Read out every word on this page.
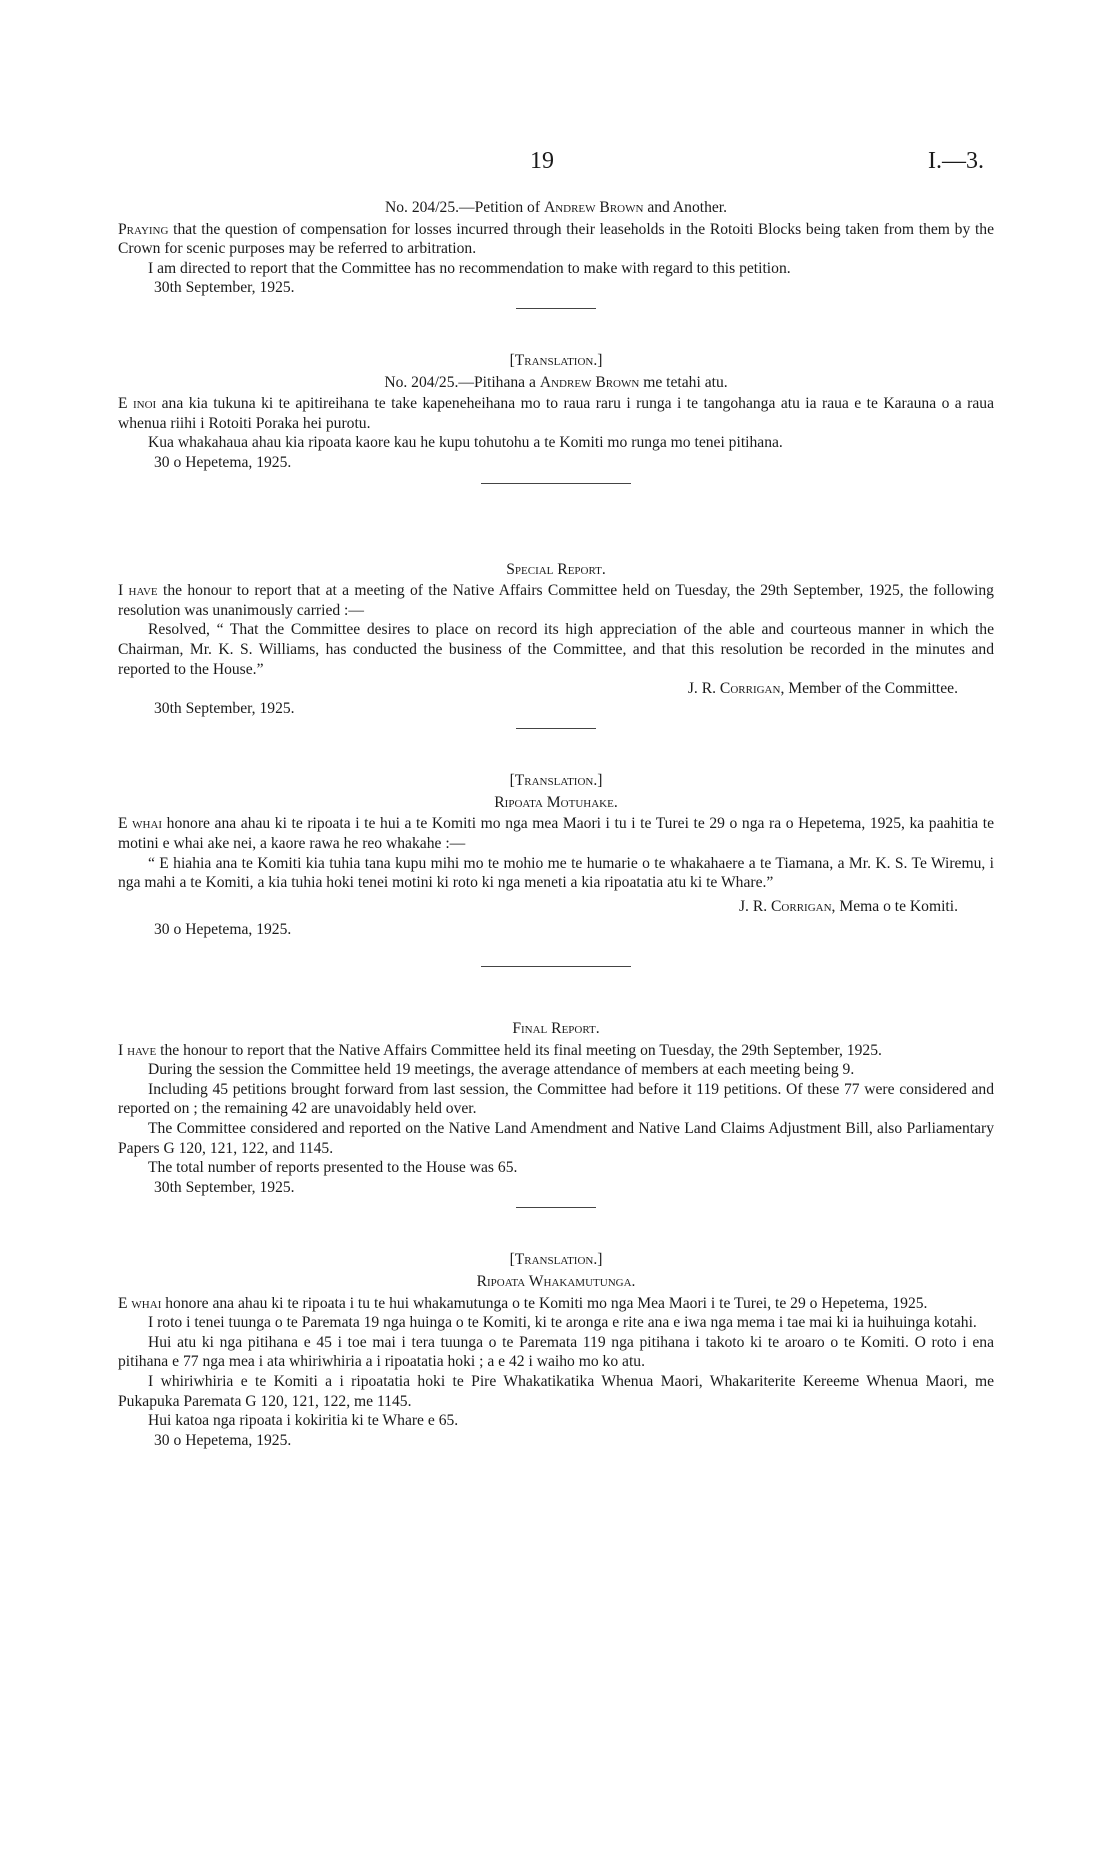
19	I.—3.

No. 204/25.—Petition of Andrew Brown and Another.

Praying that the question of compensation for losses incurred through their leaseholds in the Rotoiti Blocks being taken from them by the Crown for scenic purposes may be referred to arbitration.

I am directed to report that the Committee has no recommendation to make with regard to this petition.

30th September, 1925.

[Translation.]

No. 204/25.—Pitihana a Andrew Brown me tetahi atu.

E inoi ana kia tukuna ki te apitireihana te take kapeneheihana mo to raua raru i runga i te tangohanga atu ia raua e te Karauna o a raua whenua riihi i Rotoiti Poraka hei purotu.

Kua whakahaua ahau kia ripoata kaore kau he kupu tohutohu a te Komiti mo runga mo tenei pitihana.

30 o Hepetema, 1925.

Special Report.

I have the honour to report that at a meeting of the Native Affairs Committee held on Tuesday, the 29th September, 1925, the following resolution was unanimously carried :—

Resolved, “ That the Committee desires to place on record its high appreciation of the able and courteous manner in which the Chairman, Mr. K. S. Williams, has conducted the business of the Committee, and that this resolution be recorded in the minutes and reported to the House.”

J. R. Corrigan, Member of the Committee.

30th September, 1925.

[Translation.]

Ripoata Motuhake.

E whai honore ana ahau ki te ripoata i te hui a te Komiti mo nga mea Maori i tu i te Turei te 29 o nga ra o Hepetema, 1925, ka paahitia te motini e whai ake nei, a kaore rawa he reo whakahe :—

“ E hiahia ana te Komiti kia tuhia tana kupu mihi mo te mohio me te humarie o te whakahaere a te Tiamana, a Mr. K. S. Te Wiremu, i nga mahi a te Komiti, a kia tuhia hoki tenei motini ki roto ki nga meneti a kia ripoatatia atu ki te Whare.”

J. R. Corrigan, Mema o te Komiti.

30 o Hepetema, 1925.

Final Report.

I have the honour to report that the Native Affairs Committee held its final meeting on Tuesday, the 29th September, 1925.

During the session the Committee held 19 meetings, the average attendance of members at each meeting being 9.

Including 45 petitions brought forward from last session, the Committee had before it 119 petitions. Of these 77 were considered and reported on ; the remaining 42 are unavoidably held over.

The Committee considered and reported on the Native Land Amendment and Native Land Claims Adjustment Bill, also Parliamentary Papers G 120, 121, 122, and 1145.

The total number of reports presented to the House was 65.

30th September, 1925.

[Translation.]

Ripoata Whakamutunga.

E whai honore ana ahau ki te ripoata i tu te hui whakamutunga o te Komiti mo nga Mea Maori i te Turei, te 29 o Hepetema, 1925.

I roto i tenei tuunga o te Paremata 19 nga huinga o te Komiti, ki te aronga e rite ana e iwa nga mema i tae mai ki ia huihuinga kotahi.

Hui atu ki nga pitihana e 45 i toe mai i tera tuunga o te Paremata 119 nga pitihana i takoto ki te aroaro o te Komiti. O roto i ena pitihana e 77 nga mea i ata whiriwhiria a i ripoatatia hoki ; a e 42 i waiho mo ko atu.

I whiriwhiria e te Komiti a i ripoatatia hoki te Pire Whakatikatika Whenua Maori, Whakariterite Kereeme Whenua Maori, me Pukapuka Paremata G 120, 121, 122, me 1145.

Hui katoa nga ripoata i kokiritia ki te Whare e 65.

30 o Hepetema, 1925.
